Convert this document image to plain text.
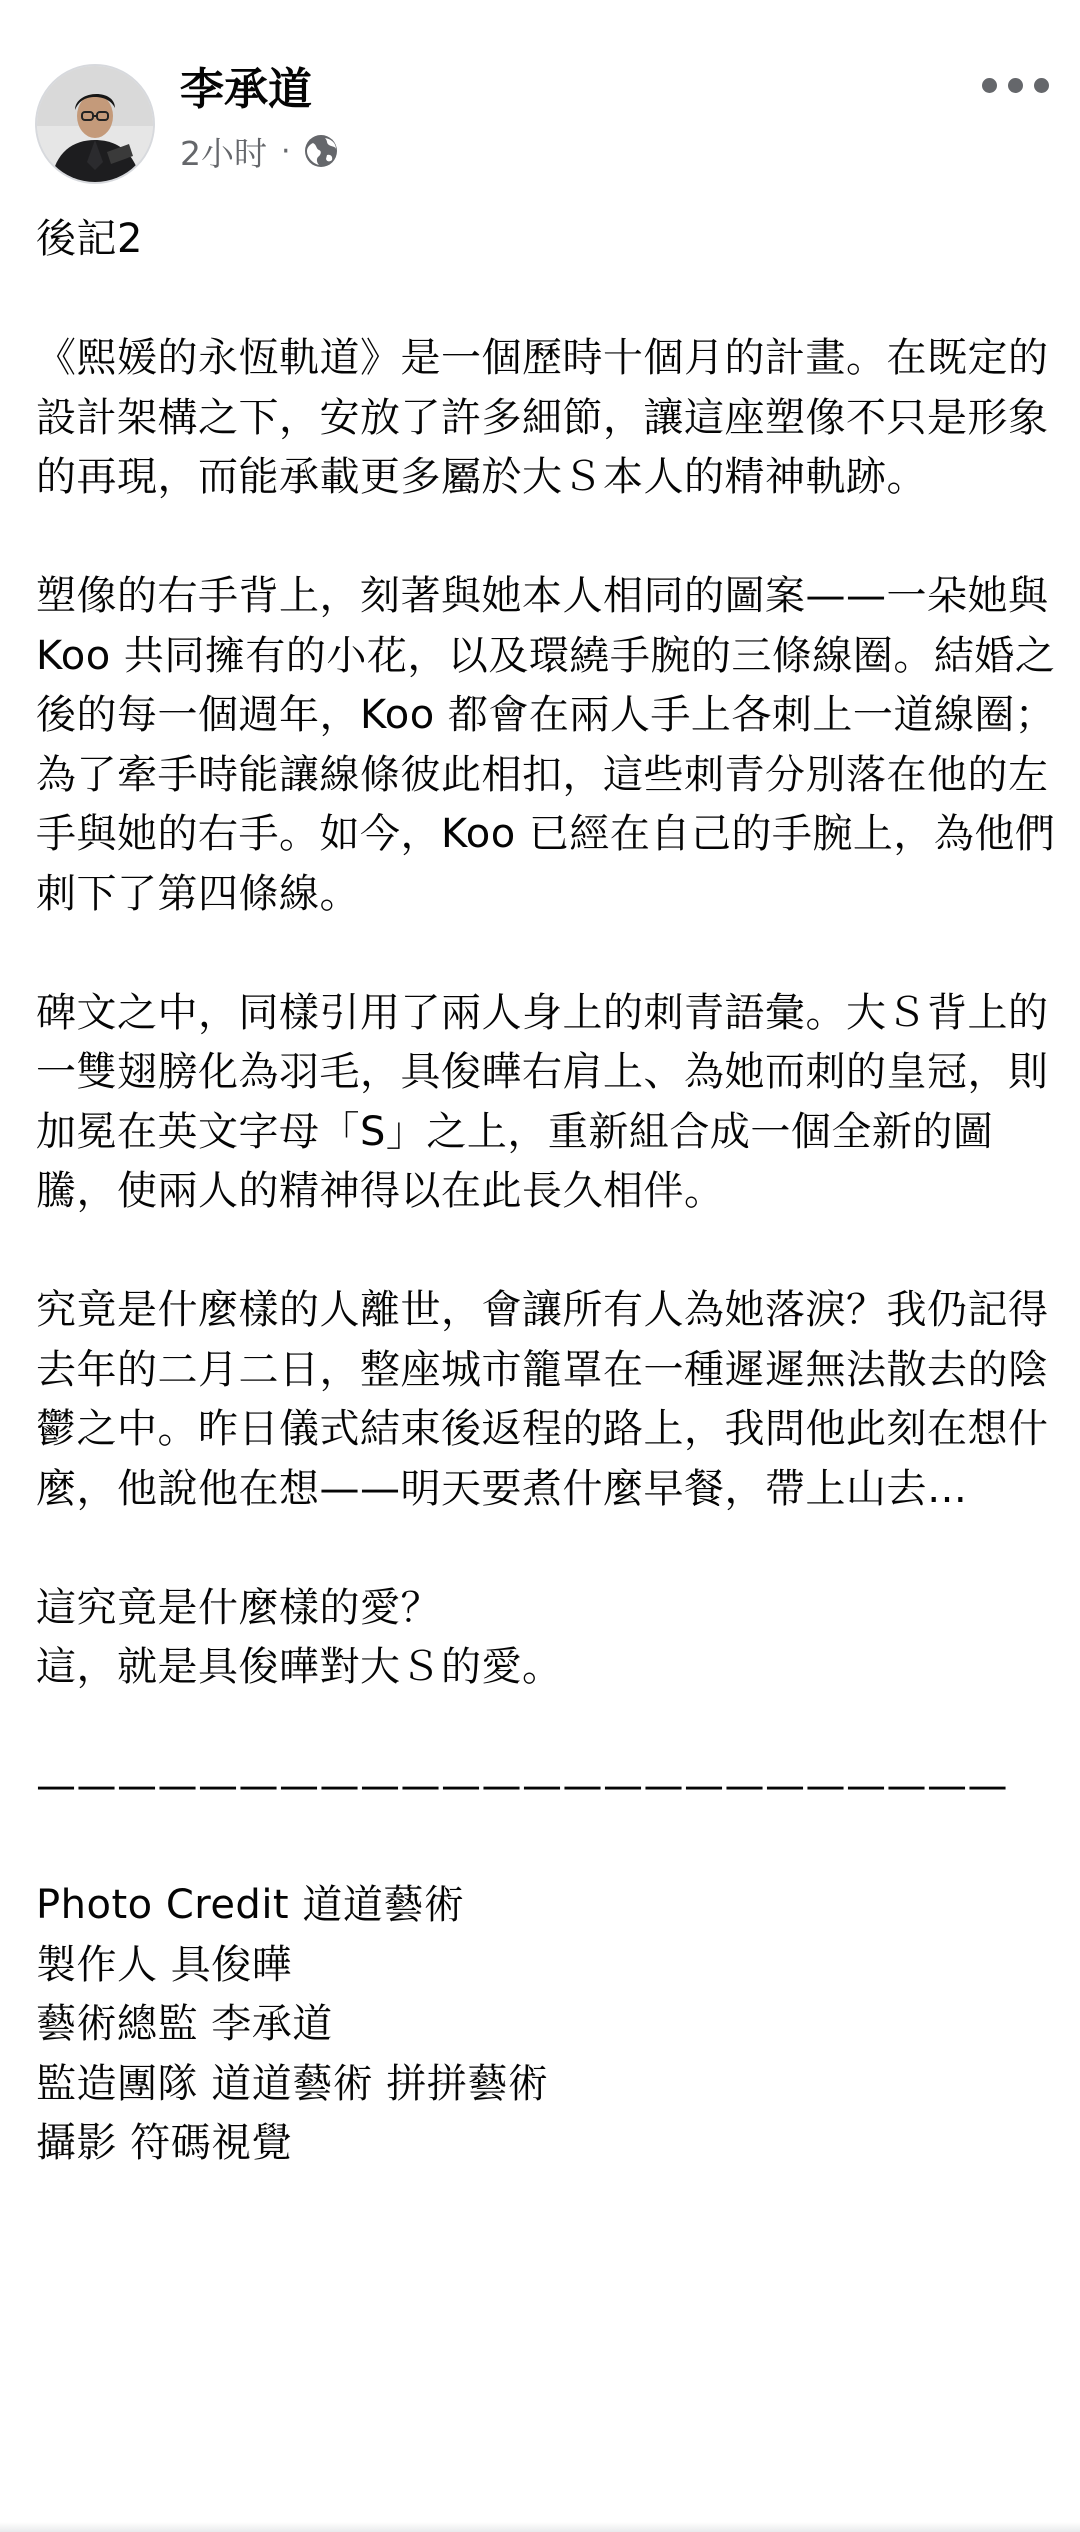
李承道
2小时 ·
後記2
《熙媛的永恆軌道》是一個歷時十個月的計畫。在既定的設計架構之下，安放了許多細節，讓這座塑像不只是形象的再現，而能承載更多屬於大Ｓ本人的精神軌跡。
塑像的右手背上，刻著與她本人相同的圖案——一朵她與 Koo 共同擁有的小花，以及環繞手腕的三條線圈。結婚之後的每一個週年，Koo 都會在兩人手上各刺上一道線圈；為了牽手時能讓線條彼此相扣，這些刺青分別落在他的左手與她的右手。如今，Koo 已經在自己的手腕上，為他們刺下了第四條線。
碑文之中，同樣引用了兩人身上的刺青語彙。大Ｓ背上的一雙翅膀化為羽毛，具俊曄右肩上、為她而刺的皇冠，則加冕在英文字母「S」之上，重新組合成一個全新的圖騰，使兩人的精神得以在此長久相伴。
究竟是什麼樣的人離世，會讓所有人為她落淚？我仍記得去年的二月二日，整座城市籠罩在一種遲遲無法散去的陰鬱之中。昨日儀式結束後返程的路上，我問他此刻在想什麼，他說他在想——明天要煮什麼早餐，帶上山去…
這究竟是什麼樣的愛？
這，就是具俊曄對大Ｓ的愛。
————————————————————————
Photo Credit 道道藝術
製作人 具俊曄
藝術總監 李承道
監造團隊 道道藝術 拼拼藝術
攝影 符碼視覺
